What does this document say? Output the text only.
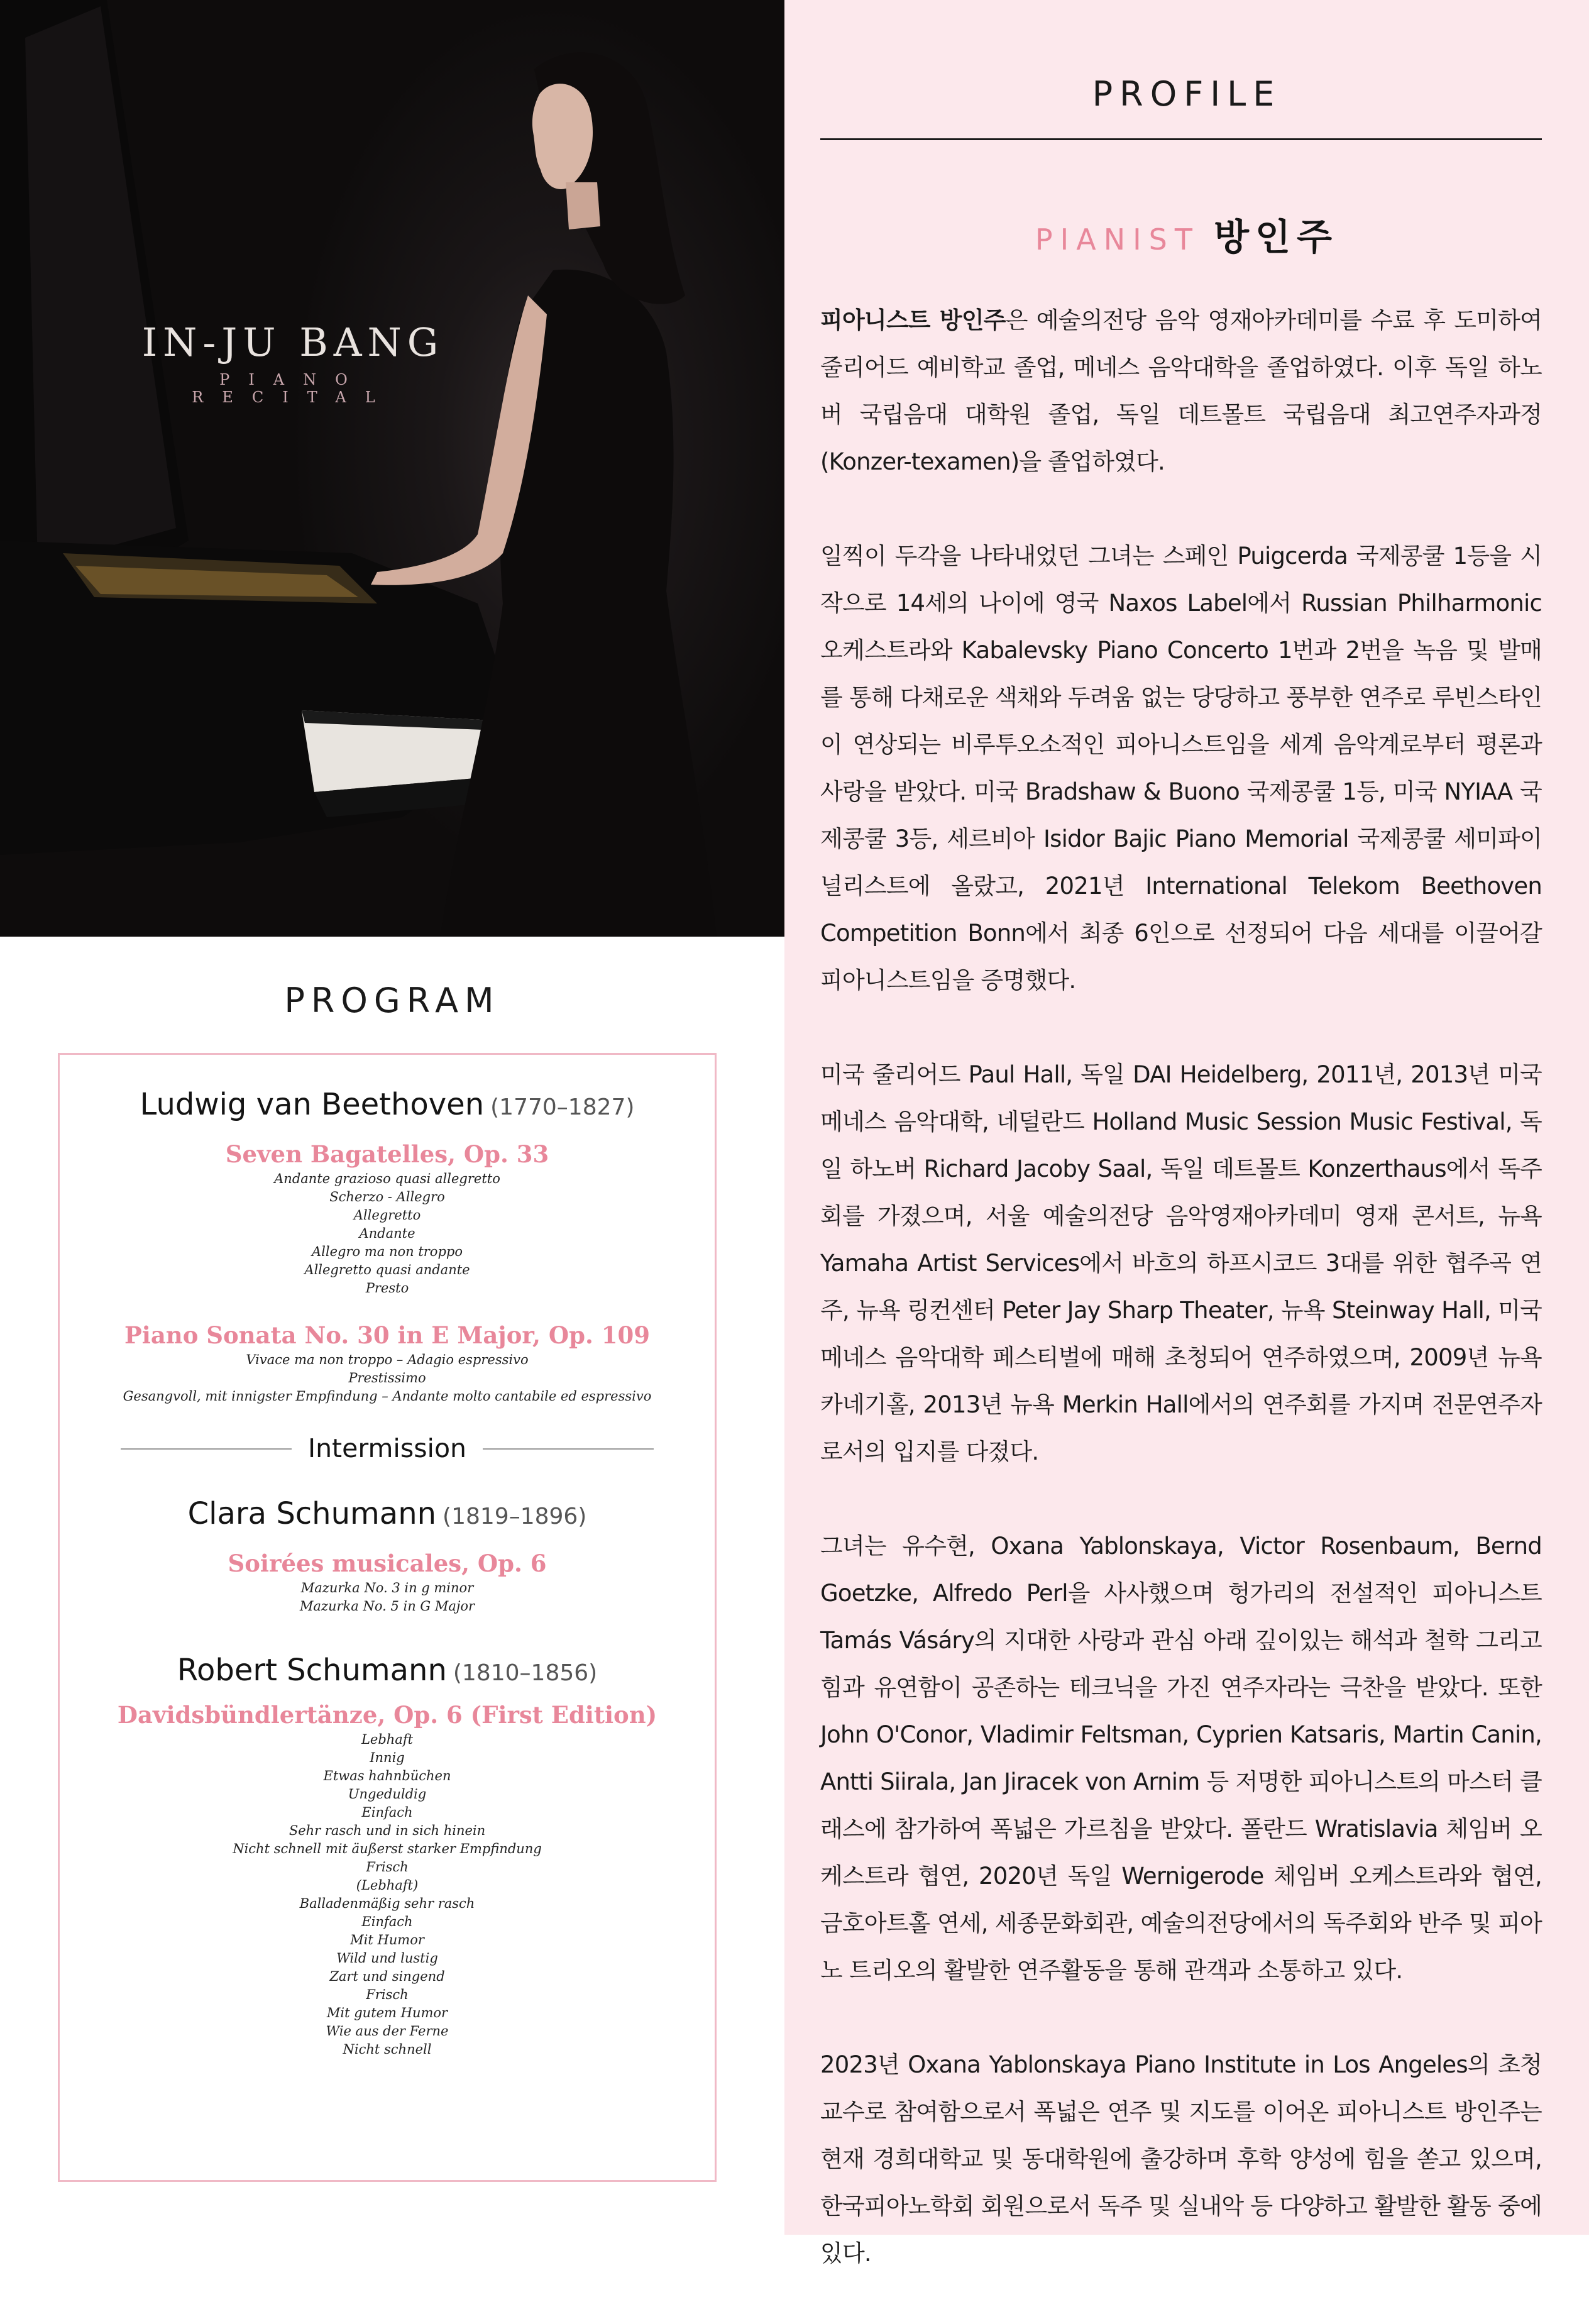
IN-JU BANG
PIANO RECITAL
PROFILE
PIANIST 방인주

피아니스트 방인주은 예술의전당 음악 영재아카데미를 수료 후 도미하여 줄리어드 예비학교 졸업, 메네스 음악대학을 졸업하였다. 이후 독일 하노버 국립음대 대학원 졸업, 독일 데트몰트 국립음대 최고연주자과정(Konzer-texamen)을 졸업하였다.

일찍이 두각을 나타내었던 그녀는 스페인 Puigcerda 국제콩쿨 1등을 시작으로 14세의 나이에 영국 Naxos Label에서 Russian Philharmonic 오케스트라와 Kabalevsky Piano Concerto 1번과 2번을 녹음 및 발매를 통해 다채로운 색채와 두려움 없는 당당하고 풍부한 연주로 루빈스타인이 연상되는 비루투오소적인 피아니스트임을 세계 음악계로부터 평론과 사랑을 받았다. 미국 Bradshaw & Buono 국제콩쿨 1등, 미국 NYIAA 국제콩쿨 3등, 세르비아 Isidor Bajic Piano Memorial 국제콩쿨 세미파이널리스트에 올랐고, 2021년 International Telekom Beethoven Competition Bonn에서 최종 6인으로 선정되어 다음 세대를 이끌어갈 피아니스트임을 증명했다.

미국 줄리어드 Paul Hall, 독일 DAI Heidelberg, 2011년, 2013년 미국 메네스 음악대학, 네덜란드 Holland Music Session Music Festival, 독일 하노버 Richard Jacoby Saal, 독일 데트몰트 Konzerthaus에서 독주회를 가졌으며, 서울 예술의전당 음악영재아카데미 영재 콘서트, 뉴욕 Yamaha Artist Services에서 바흐의 하프시코드 3대를 위한 협주곡 연주, 뉴욕 링컨센터 Peter Jay Sharp Theater, 뉴욕 Steinway Hall, 미국 메네스 음악대학 페스티벌에 매해 초청되어 연주하였으며, 2009년 뉴욕 카네기홀, 2013년 뉴욕 Merkin Hall에서의 연주회를 가지며 전문연주자로서의 입지를 다졌다.

그녀는 유수현, Oxana Yablonskaya, Victor Rosenbaum, Bernd Goetzke, Alfredo Perl을 사사했으며 헝가리의 전설적인 피아니스트 Tamás Vásáry의 지대한 사랑과 관심 아래 깊이있는 해석과 철학 그리고 힘과 유연함이 공존하는 테크닉을 가진 연주자라는 극찬을 받았다. 또한 John O'Conor, Vladimir Feltsman, Cyprien Katsaris, Martin Canin, Antti Siirala, Jan Jiracek von Arnim 등 저명한 피아니스트의 마스터 클래스에 참가하여 폭넓은 가르침을 받았다. 폴란드 Wratislavia 체임버 오케스트라 협연, 2020년 독일 Wernigerode 체임버 오케스트라와 협연, 금호아트홀 연세, 세종문화회관, 예술의전당에서의 독주회와 반주 및 피아노 트리오의 활발한 연주활동을 통해 관객과 소통하고 있다.

2023년 Oxana Yablonskaya Piano Institute in Los Angeles의 초청 교수로 참여함으로서 폭넓은 연주 및 지도를 이어온 피아니스트 방인주는 현재 경희대학교 및 동대학원에 출강하며 후학 양성에 힘을 쏟고 있으며, 한국피아노학회 회원으로서 독주 및 실내악 등 다양하고 활발한 활동 중에 있다.

PROGRAM

Ludwig van Beethoven (1770–1827)

Seven Bagatelles, Op. 33

Andante grazioso quasi allegretto

Scherzo - Allegro

Allegretto

Andante

Allegro ma non troppo

Allegretto quasi andante

Presto

Piano Sonata No. 30 in E Major, Op. 109

Vivace ma non troppo – Adagio espressivo

Prestissimo

Gesangvoll, mit innigster Empfindung – Andante molto cantabile ed espressivo

Intermission

Clara Schumann (1819–1896)

Soirées musicales, Op. 6

Mazurka No. 3 in g minor

Mazurka No. 5 in G Major

Robert Schumann (1810–1856)

Davidsbündlertänze, Op. 6 (First Edition)

Lebhaft

Innig

Etwas hahnbüchen

Ungeduldig

Einfach

Sehr rasch und in sich hinein

Nicht schnell mit äußerst starker Empfindung

Frisch

(Lebhaft)

Balladenmäßig sehr rasch

Einfach

Mit Humor

Wild und lustig

Zart und singend

Frisch

Mit gutem Humor

Wie aus der Ferne

Nicht schnell
